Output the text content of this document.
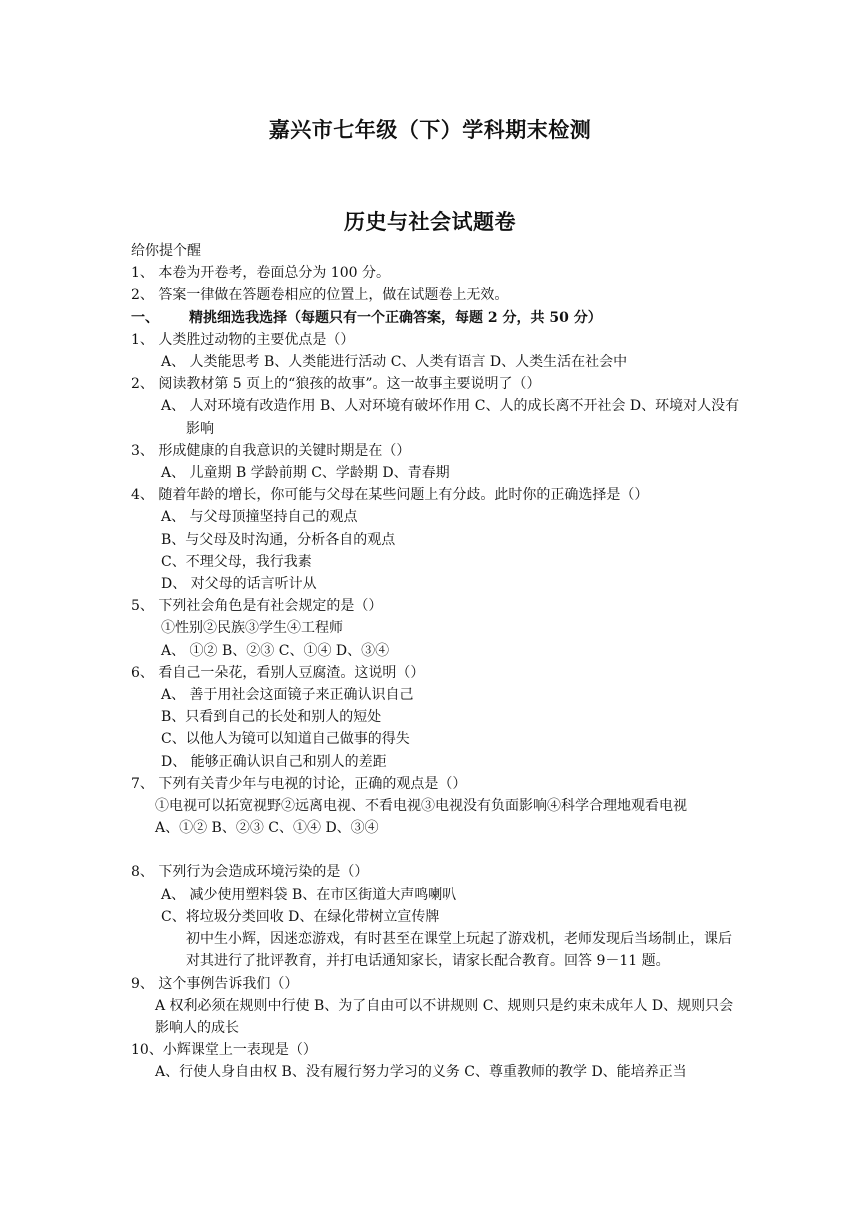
嘉兴市七年级（下）学科期末检测
历史与社会试题卷
给你提个醒
1、 本卷为开卷考，卷面总分为 100 分。
2、 答案一律做在答题卷相应的位置上，做在试题卷上无效。
一、 精挑细选我选择（每题只有一个正确答案，每题 2 分，共 50 分）
1、 人类胜过动物的主要优点是（）
A、 人类能思考 B、人类能进行活动 C、人类有语言 D、人类生活在社会中
2、 阅读教材第 5 页上的“狼孩的故事”。这一故事主要说明了（）
A、 人对环境有改造作用 B、人对环境有破坏作用 C、人的成长离不开社会 D、环境对人没有影响
3、 形成健康的自我意识的关键时期是在（）
A、 儿童期 B 学龄前期 C、学龄期 D、青春期
4、 随着年龄的增长，你可能与父母在某些问题上有分歧。此时你的正确选择是（）
A、 与父母顶撞坚持自己的观点
B、与父母及时沟通，分析各自的观点
C、不理父母，我行我素
D、 对父母的话言听计从
5、 下列社会角色是有社会规定的是（）
①性别②民族③学生④工程师
A、 ①② B、②③ C、①④ D、③④
6、 看自己一朵花，看别人豆腐渣。这说明（）
A、 善于用社会这面镜子来正确认识自己
B、只看到自己的长处和别人的短处
C、以他人为镜可以知道自己做事的得失
D、 能够正确认识自己和别人的差距
7、 下列有关青少年与电视的讨论，正确的观点是（）
①电视可以拓宽视野②远离电视、不看电视③电视没有负面影响④科学合理地观看电视
A、①② B、②③ C、①④ D、③④
8、 下列行为会造成环境污染的是（）
A、 减少使用塑料袋 B、在市区街道大声鸣喇叭
C、将垃圾分类回收 D、在绿化带树立宣传牌
初中生小辉，因迷恋游戏，有时甚至在课堂上玩起了游戏机，老师发现后当场制止，课后对其进行了批评教育，并打电话通知家长，请家长配合教育。回答 9－11 题。
9、 这个事例告诉我们（）
A 权利必须在规则中行使 B、为了自由可以不讲规则 C、规则只是约束未成年人 D、规则只会影响人的成长
10、小辉课堂上一表现是（）
A、行使人身自由权 B、没有履行努力学习的义务 C、尊重教师的教学 D、能培养正当
